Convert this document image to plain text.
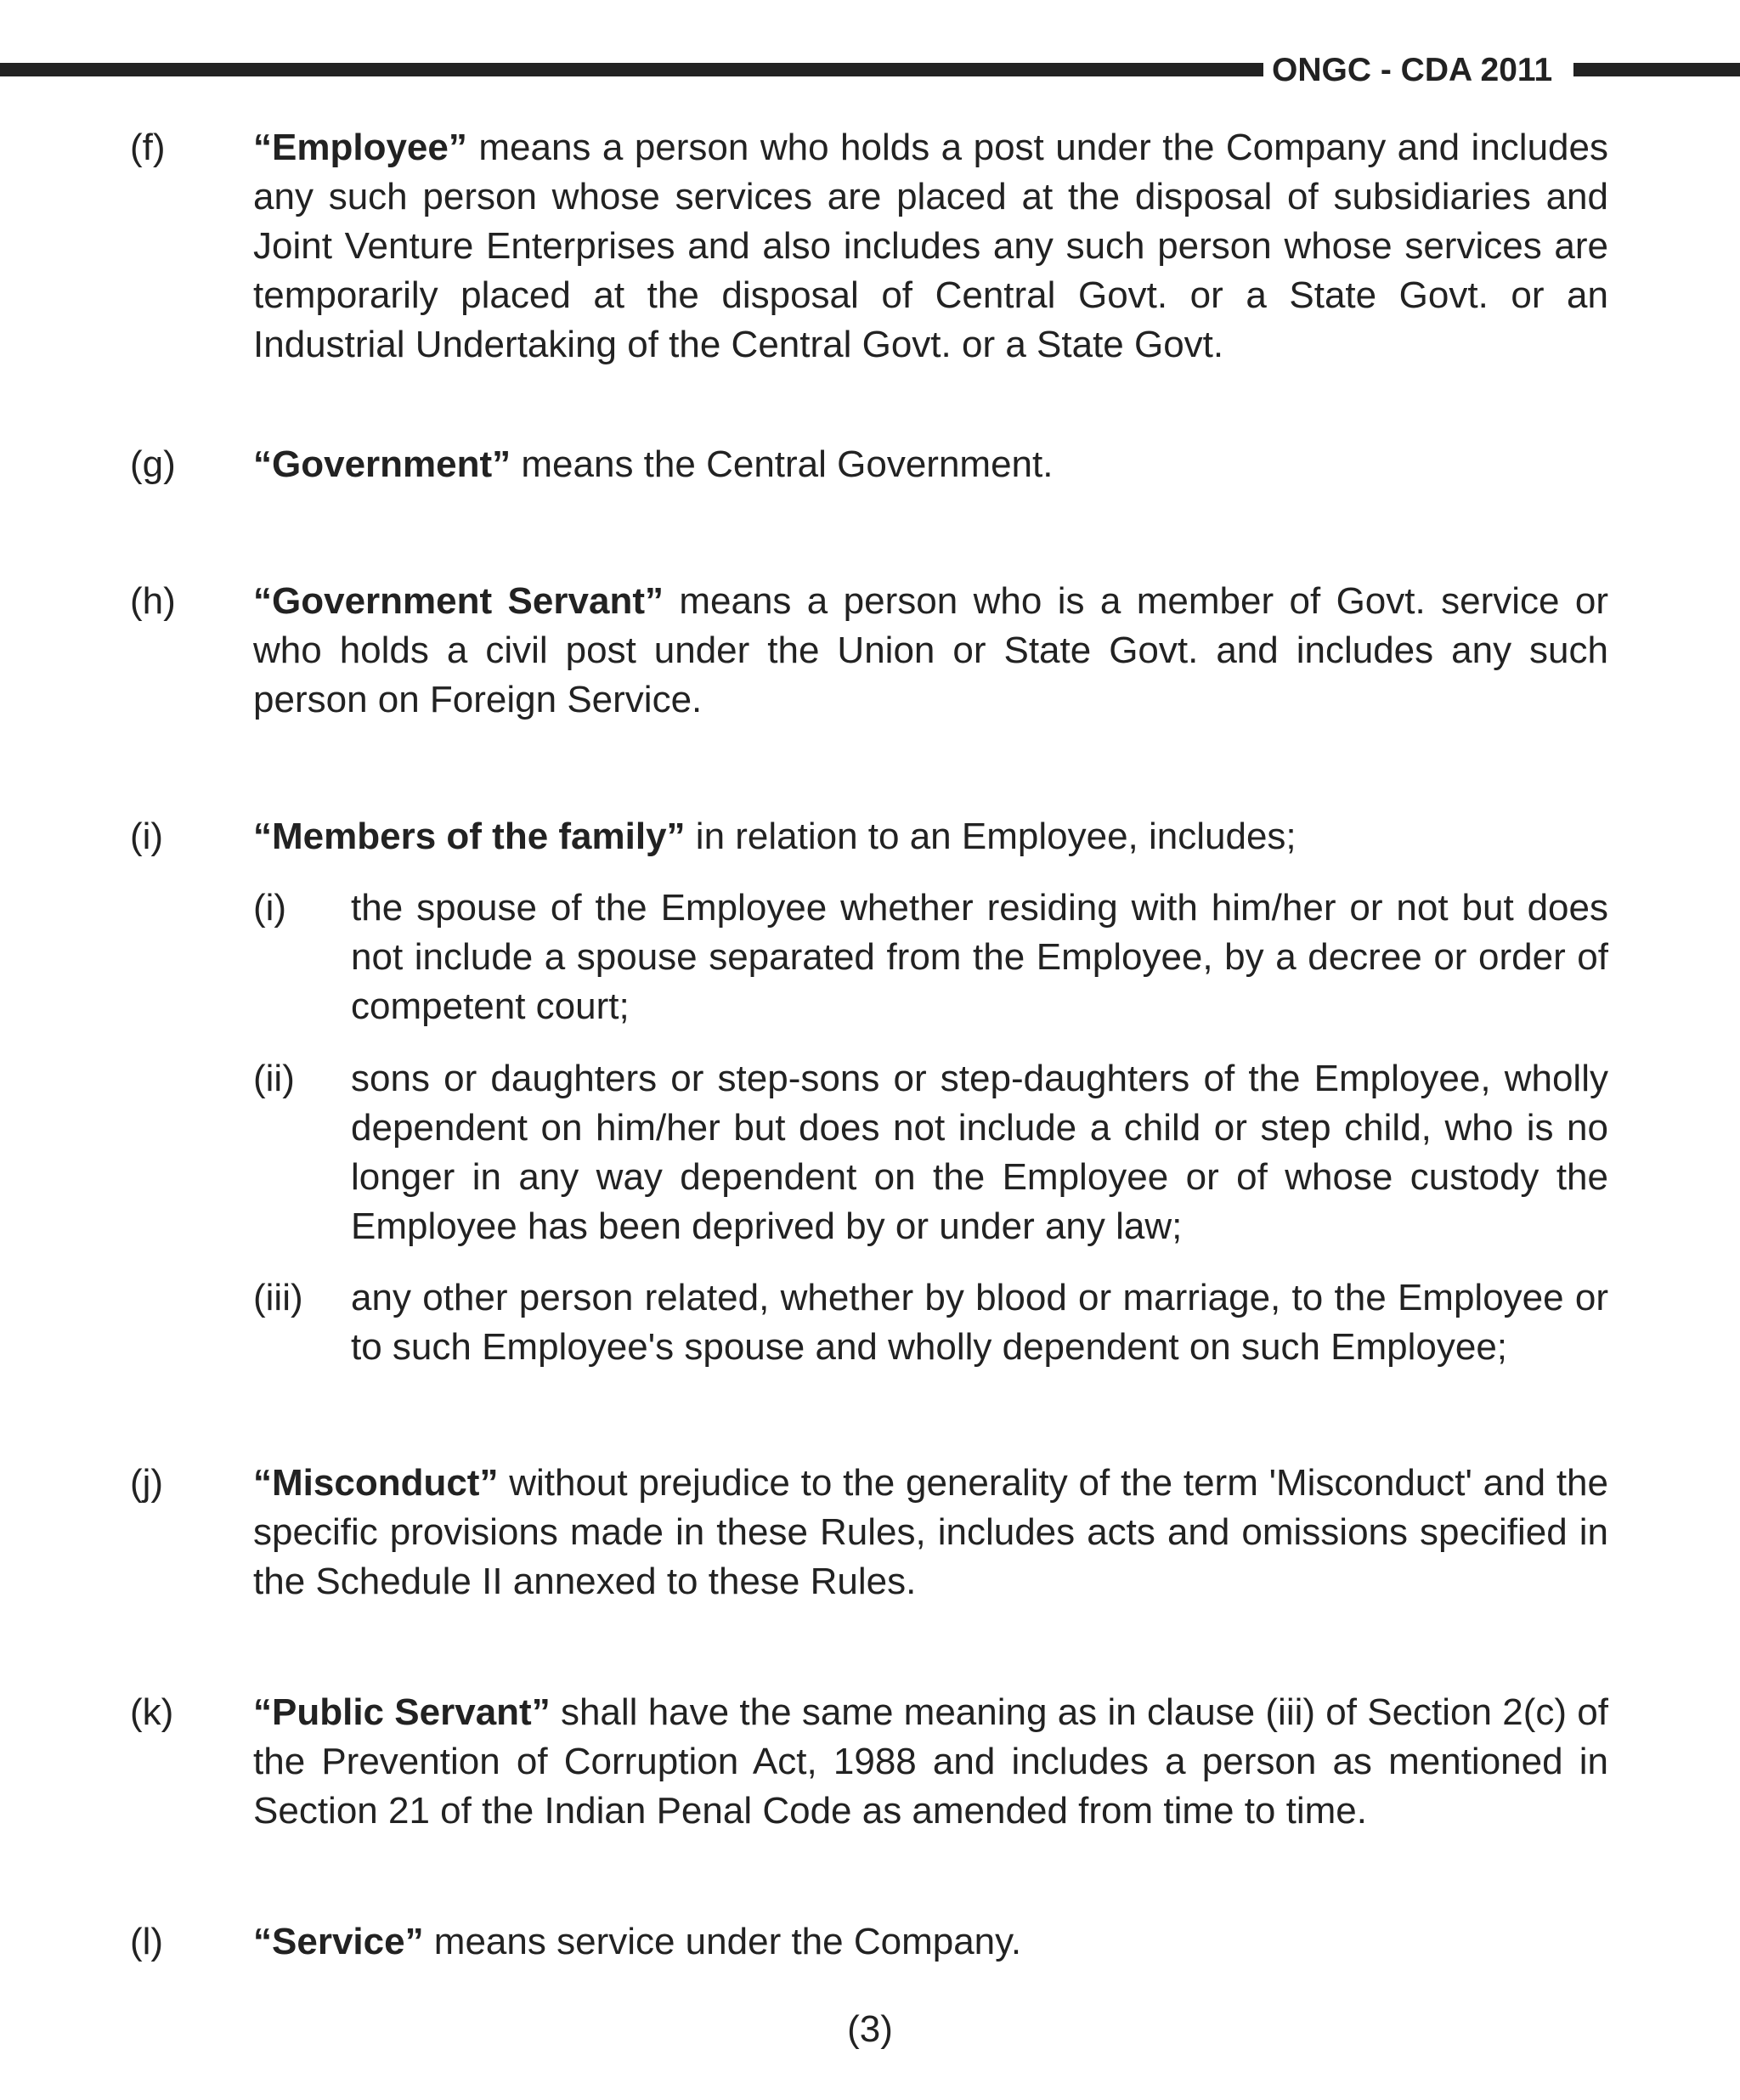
ONGC - CDA 2011
(f)	“Employee” means a person who holds a post under the Company and includes any such person whose services are placed at the disposal of subsidiaries and Joint Venture Enterprises and also includes any such person whose services are temporarily placed at the disposal of Central Govt. or a State Govt. or an Industrial Undertaking of the Central Govt. or a State Govt.
(g)	“Government” means the Central Government.
(h)	“Government Servant” means a person who is a member of Govt. service or who holds a civil post under the Union or State Govt. and includes any such person on Foreign Service.
(i)	“Members of the family” in relation to an Employee, includes;
(i)	the spouse of the Employee whether residing with him/her or not but does not include a spouse separated from the Employee, by a decree or order of competent court;
(ii)	sons or daughters or step-sons or step-daughters of the Employee, wholly dependent on him/her but does not include a child or step child, who is no longer in any way dependent on the Employee or of whose custody the Employee has been deprived by or under any law;
(iii)	any other person related, whether by blood or marriage, to the Employee or to such Employee's spouse and wholly dependent on such Employee;
(j)	“Misconduct” without prejudice to the generality of the term 'Misconduct' and the specific provisions made in these Rules, includes acts and omissions specified in the Schedule II annexed to these Rules.
(k)	“Public Servant” shall have the same meaning as in clause (iii) of Section 2(c) of the Prevention of Corruption Act, 1988 and includes a person as mentioned in Section 21 of the Indian Penal Code as amended from time to time.
(l)	“Service” means service under the Company.
(3)
